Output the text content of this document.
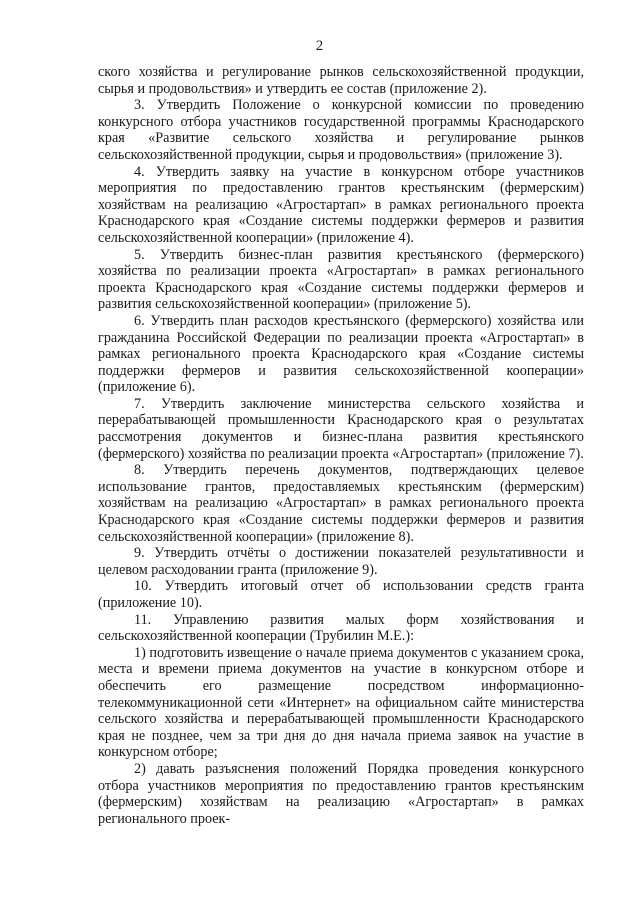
2

ского хозяйства и регулирование рынков сельскохозяйственной продукции, сырья и продовольствия» и утвердить ее состав (приложение 2).

3. Утвердить Положение о конкурсной комиссии по проведению конкурсного отбора участников государственной программы Краснодарского края «Развитие сельского хозяйства и регулирование рынков сельскохозяйственной продукции, сырья и продовольствия» (приложение 3).

4. Утвердить заявку на участие в конкурсном отборе участников мероприятия по предоставлению грантов крестьянским (фермерским) хозяйствам на реализацию «Агростартап» в рамках регионального проекта Краснодарского края «Создание системы поддержки фермеров и развития сельскохозяйственной кооперации» (приложение 4).

5. Утвердить бизнес-план развития крестьянского (фермерского) хозяйства по реализации проекта «Агростартап» в рамках регионального проекта Краснодарского края «Создание системы поддержки фермеров и развития сельскохозяйственной кооперации» (приложение 5).

6. Утвердить план расходов крестьянского (фермерского) хозяйства или гражданина Российской Федерации по реализации проекта «Агростартап» в рамках регионального проекта Краснодарского края «Создание системы поддержки фермеров и развития сельскохозяйственной кооперации» (приложение 6).

7. Утвердить заключение министерства сельского хозяйства и перерабатывающей промышленности Краснодарского края о результатах рассмотрения документов и бизнес-плана развития крестьянского (фермерского) хозяйства по реализации проекта «Агростартап» (приложение 7).

8. Утвердить перечень документов, подтверждающих целевое использование грантов, предоставляемых крестьянским (фермерским) хозяйствам на реализацию «Агростартап» в рамках регионального проекта Краснодарского края «Создание системы поддержки фермеров и развития сельскохозяйственной кооперации» (приложение 8).

9. Утвердить отчёты о достижении показателей результативности и целевом расходовании гранта (приложение 9).

10. Утвердить итоговый отчет об использовании средств гранта (приложение 10).

11. Управлению развития малых форм хозяйствования и сельскохозяйственной кооперации (Трубилин М.Е.):

1) подготовить извещение о начале приема документов с указанием срока, места и времени приема документов на участие в конкурсном отборе и обеспечить его размещение посредством информационно-телекоммуникационной сети «Интернет» на официальном сайте министерства сельского хозяйства и перерабатывающей промышленности Краснодарского края не позднее, чем за три дня до дня начала приема заявок на участие в конкурсном отборе;

2) давать разъяснения положений Порядка проведения конкурсного отбора участников мероприятия по предоставлению грантов крестьянским (фермерским) хозяйствам на реализацию «Агростартап» в рамках регионального проек-
